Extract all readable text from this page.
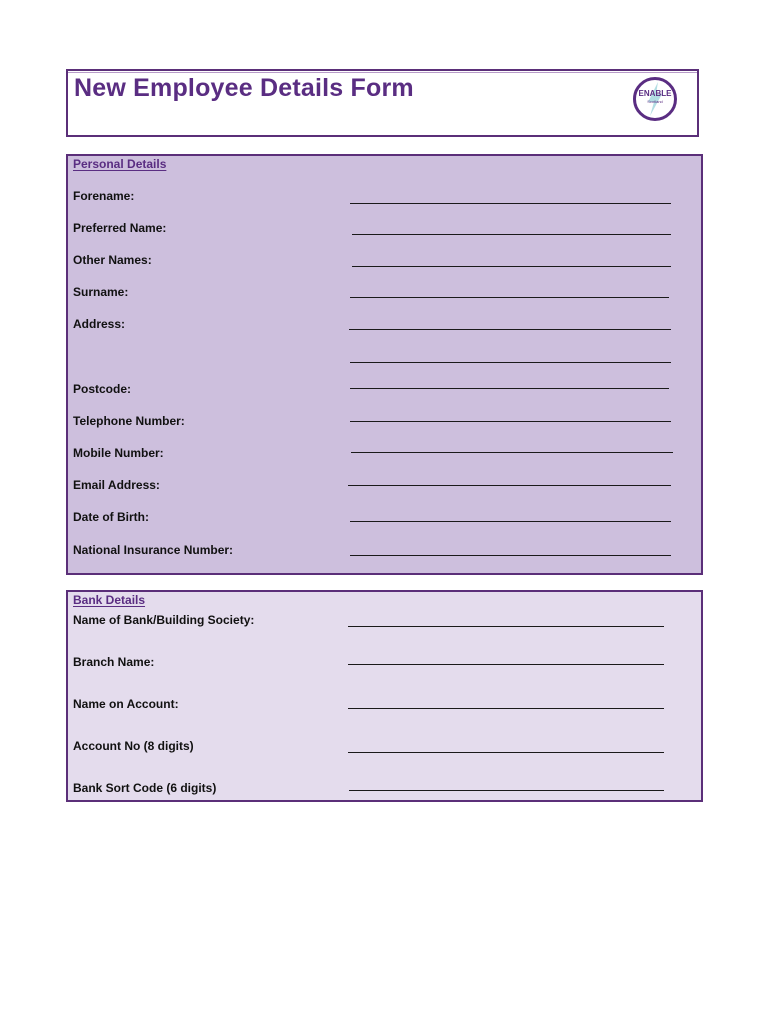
New Employee Details Form	ENABLE
Scotland

Personal Details

Forename:
Preferred Name:
Other Names:
Surname:
Address:
Postcode:
Telephone Number:
Mobile Number:
Email Address:
Date of Birth:
National Insurance Number:

Bank Details

Name of Bank/Building Society:
Branch Name:
Name on Account:
Account No (8 digits)
Bank Sort Code (6 digits)
